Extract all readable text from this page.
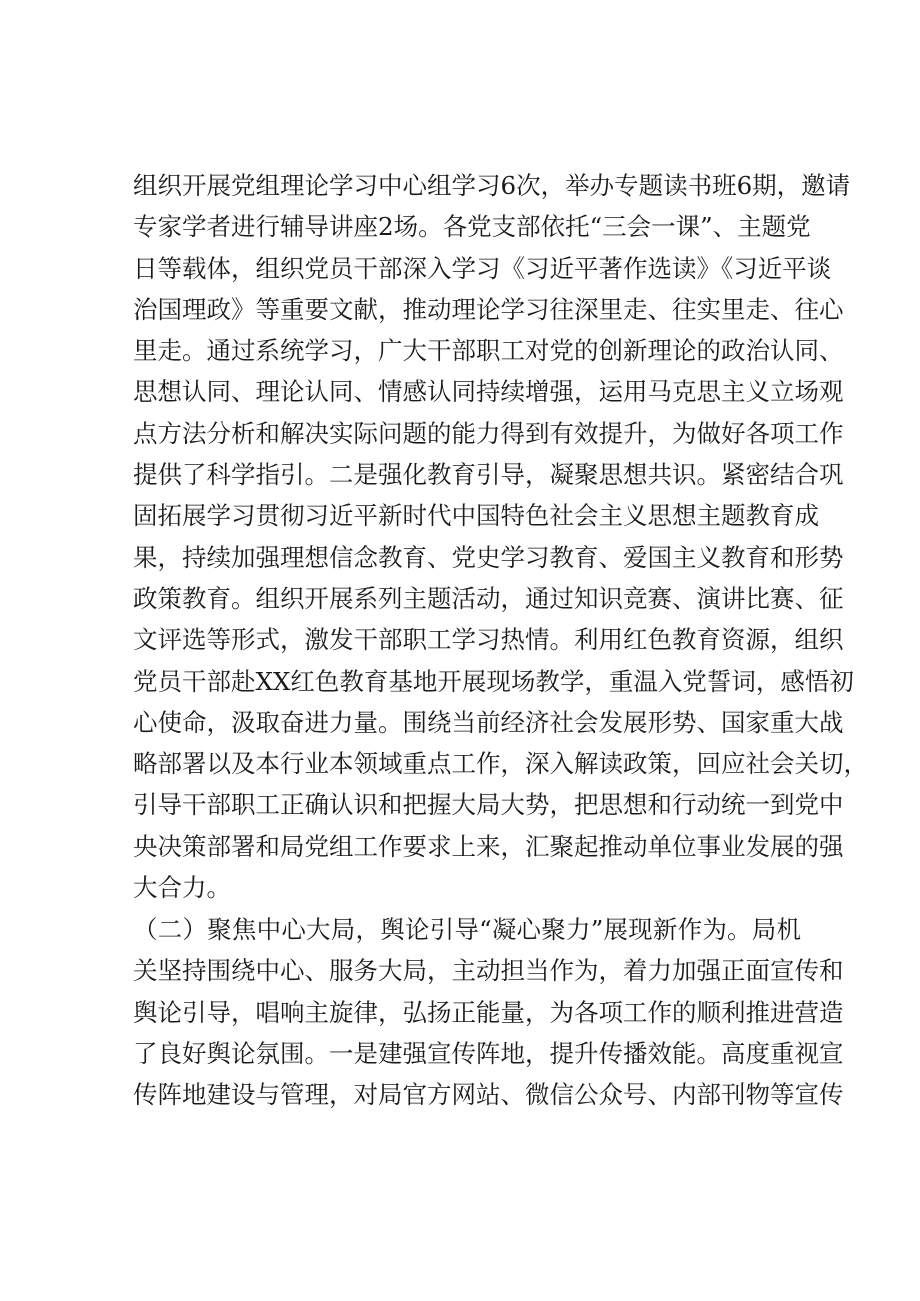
组织开展党组理论学习中心组学习6次，举办专题读书班6期，邀请
专家学者进行辅导讲座2场。各党支部依托“三会一课”、主题党
日等载体，组织党员干部深入学习《习近平著作选读》《习近平谈
治国理政》等重要文献，推动理论学习往深里走、往实里走、往心
里走。通过系统学习，广大干部职工对党的创新理论的政治认同、
思想认同、理论认同、情感认同持续增强，运用马克思主义立场观
点方法分析和解决实际问题的能力得到有效提升，为做好各项工作
提供了科学指引。二是强化教育引导，凝聚思想共识。紧密结合巩
固拓展学习贯彻习近平新时代中国特色社会主义思想主题教育成
果，持续加强理想信念教育、党史学习教育、爱国主义教育和形势
政策教育。组织开展系列主题活动，通过知识竞赛、演讲比赛、征
文评选等形式，激发干部职工学习热情。利用红色教育资源，组织
党员干部赴XX红色教育基地开展现场教学，重温入党誓词，感悟初
心使命，汲取奋进力量。围绕当前经济社会发展形势、国家重大战
略部署以及本行业本领域重点工作，深入解读政策，回应社会关切，
引导干部职工正确认识和把握大局大势，把思想和行动统一到党中
央决策部署和局党组工作要求上来，汇聚起推动单位事业发展的强
大合力。
（二）聚焦中心大局，舆论引导“凝心聚力”展现新作为。局机
关坚持围绕中心、服务大局，主动担当作为，着力加强正面宣传和
舆论引导，唱响主旋律，弘扬正能量，为各项工作的顺利推进营造
了良好舆论氛围。一是建强宣传阵地，提升传播效能。高度重视宣
传阵地建设与管理，对局官方网站、微信公众号、内部刊物等宣传
